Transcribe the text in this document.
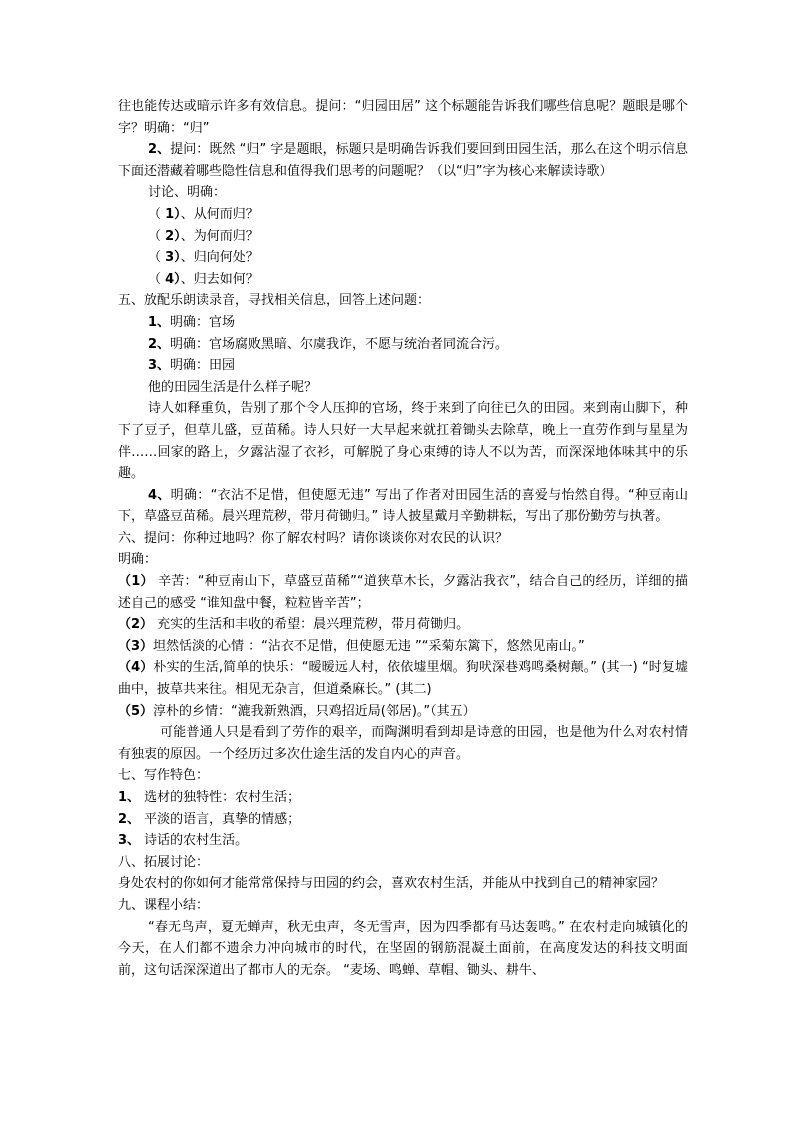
往也能传达或暗示许多有效信息。提问：“归园田居” 这个标题能告诉我们哪些信息呢？题眼是哪个字？明确：“归”

2、提问：既然 “归” 字是题眼，标题只是明确告诉我们要回到田园生活，那么在这个明示信息下面还潜藏着哪些隐性信息和值得我们思考的问题呢？（以“归”字为核心来解读诗歌）

讨论、明确：

（ 1）、从何而归？

（ 2）、为何而归？

（ 3）、归向何处？

（ 4）、归去如何？

五、放配乐朗读录音，寻找相关信息，回答上述问题：

1、明确：官场

2、明确：官场腐败黑暗、尔虞我诈，不愿与统治者同流合污。

3、明确：田园

他的田园生活是什么样子呢？

诗人如释重负，告别了那个令人压抑的官场，终于来到了向往已久的田园。来到南山脚下，种下了豆子，但草儿盛，豆苗稀。诗人只好一大早起来就扛着锄头去除草，晚上一直劳作到与星星为伴……回家的路上，夕露沾湿了衣衫，可解脱了身心束缚的诗人不以为苦，而深深地体味其中的乐趣。

4、明确：“衣沾不足惜，但使愿无违” 写出了作者对田园生活的喜爱与怡然自得。“种豆南山下，草盛豆苗稀。晨兴理荒秽，带月荷锄归。” 诗人披星戴月辛勤耕耘，写出了那份勤劳与执著。

六、提问：你种过地吗？你了解农村吗？请你谈谈你对农民的认识？

明确：

（1） 辛苦：“种豆南山下，草盛豆苗稀”“道狭草木长，夕露沾我衣”，结合自己的经历，详细的描述自己的感受 “谁知盘中餐，粒粒皆辛苦”；

（2） 充实的生活和丰收的希望：晨兴理荒秽，带月荷锄归。

（3）坦然恬淡的心情 ：“沾衣不足惜，但使愿无违 ”“采菊东篱下，悠然见南山。”

（4）朴实的生活,简单的快乐：“暧暧远人村，依依墟里烟。狗吠深巷鸡鸣桑树颠。” (其一) “时复墟曲中，披草共来往。相见无杂言，但道桑麻长。” (其二)

（5）淳朴的乡情：“漉我新熟酒，只鸡招近局(邻居)。”（其五）

可能普通人只是看到了劳作的艰辛，而陶渊明看到却是诗意的田园，也是他为什么对农村情有独衷的原因。一个经历过多次仕途生活的发自内心的声音。

七、写作特色：

1、 选材的独特性：农村生活；

2、 平淡的语言，真挚的情感；

3、 诗话的农村生活。

八、拓展讨论：

身处农村的你如何才能常常保持与田园的约会，喜欢农村生活，并能从中找到自己的精神家园？

九、课程小结：

“春无鸟声，夏无蝉声，秋无虫声，冬无雪声，因为四季都有马达轰鸣。” 在农村走向城镇化的今天，在人们都不遗余力冲向城市的时代，在坚固的钢筋混凝土面前，在高度发达的科技文明面前，这句话深深道出了都市人的无奈。 “麦场、鸣蝉、草帽、锄头、耕牛、
